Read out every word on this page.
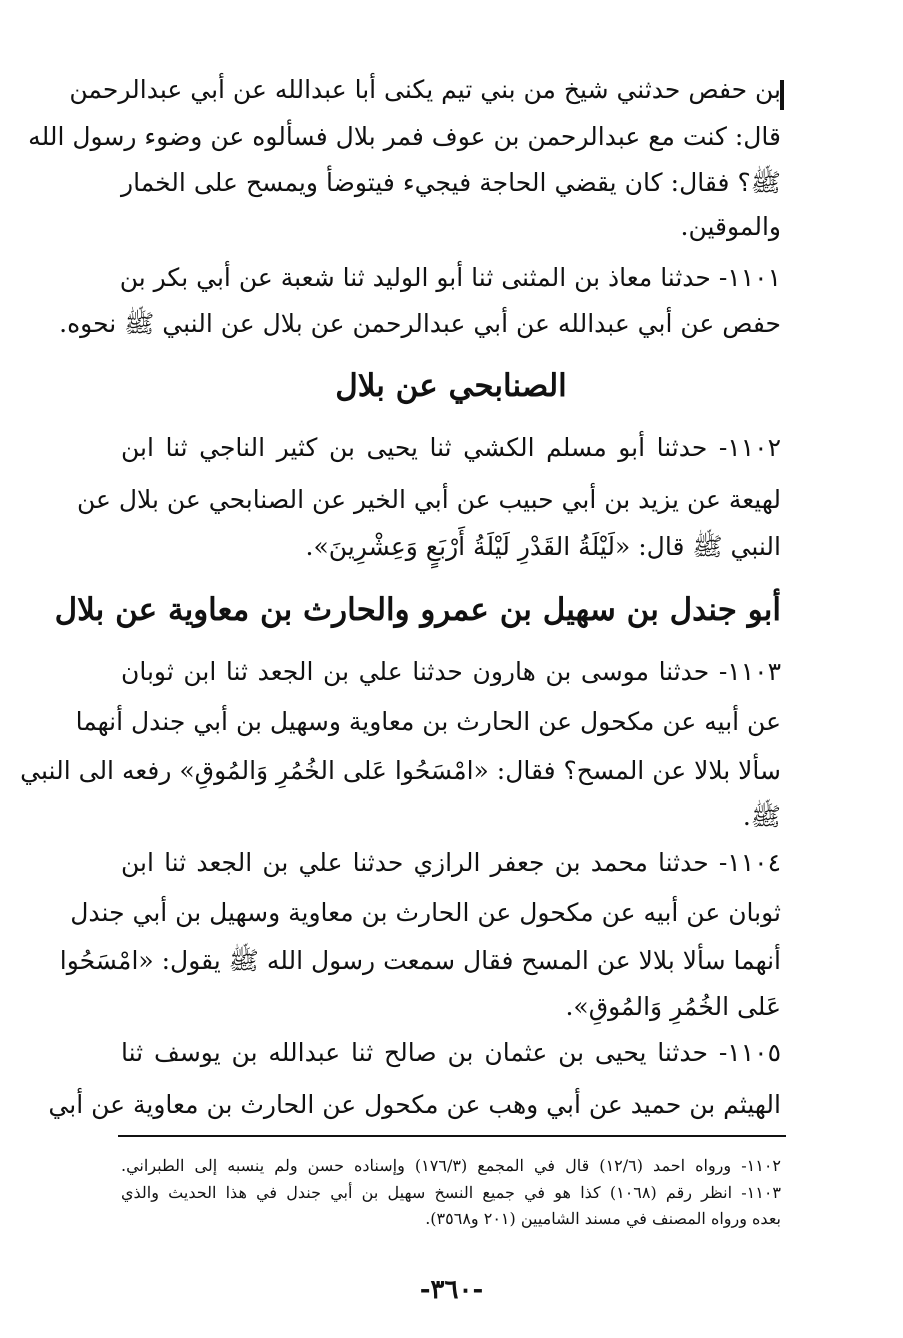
بن حفص حدثني شيخ من بني تيم يكنى أبا عبدالله عن أبي عبدالرحمن
قال: كنت مع عبدالرحمن بن عوف فمر بلال فسألوه عن وضوء رسول الله
ﷺ؟ فقال: كان يقضي الحاجة فيجيء فيتوضأ ويمسح على الخمار
والموقين.
١١٠١- حدثنا معاذ بن المثنى ثنا أبو الوليد ثنا شعبة عن أبي بكر بن
حفص عن أبي عبدالله عن أبي عبدالرحمن عن بلال عن النبي ﷺ نحوه.
الصنابحي عن بلال
١١٠٢- حدثنا أبو مسلم الكشي ثنا يحيى بن كثير الناجي ثنا ابن
لهيعة عن يزيد بن أبي حبيب عن أبي الخير عن الصنابحي عن بلال عن
النبي ﷺ قال: «لَيْلَةُ القَدْرِ لَيْلَةُ أَرْبَعٍ وَعِشْرِينَ».
أبو جندل بن سهيل بن عمرو والحارث بن معاوية عن بلال
١١٠٣- حدثنا موسى بن هارون حدثنا علي بن الجعد ثنا ابن ثوبان
عن أبيه عن مكحول عن الحارث بن معاوية وسهيل بن أبي جندل أنهما
سألا بلالا عن المسح؟ فقال: «امْسَحُوا عَلى الخُمُرِ وَالمُوقِ» رفعه الى النبي
ﷺ.
١١٠٤- حدثنا محمد بن جعفر الرازي حدثنا علي بن الجعد ثنا ابن
ثوبان عن أبيه عن مكحول عن الحارث بن معاوية وسهيل بن أبي جندل
أنهما سألا بلالا عن المسح فقال سمعت رسول الله ﷺ يقول: «امْسَحُوا
عَلى الخُمُرِ وَالمُوقِ».
١١٠٥- حدثنا يحيى بن عثمان بن صالح ثنا عبدالله بن يوسف ثنا
الهيثم بن حميد عن أبي وهب عن مكحول عن الحارث بن معاوية عن أبي
١١٠٢- ورواه احمد (١٢/٦) قال في المجمع (١٧٦/٣) وإسناده حسن ولم ينسبه إلى الطبراني.
١١٠٣- انظر رقم (١٠٦٨) كذا هو في جميع النسخ سهيل بن أبي جندل في هذا الحديث والذي
بعده ورواه المصنف في مسند الشاميين (٢٠١ و٣٥٦٨).
-٣٦٠-
